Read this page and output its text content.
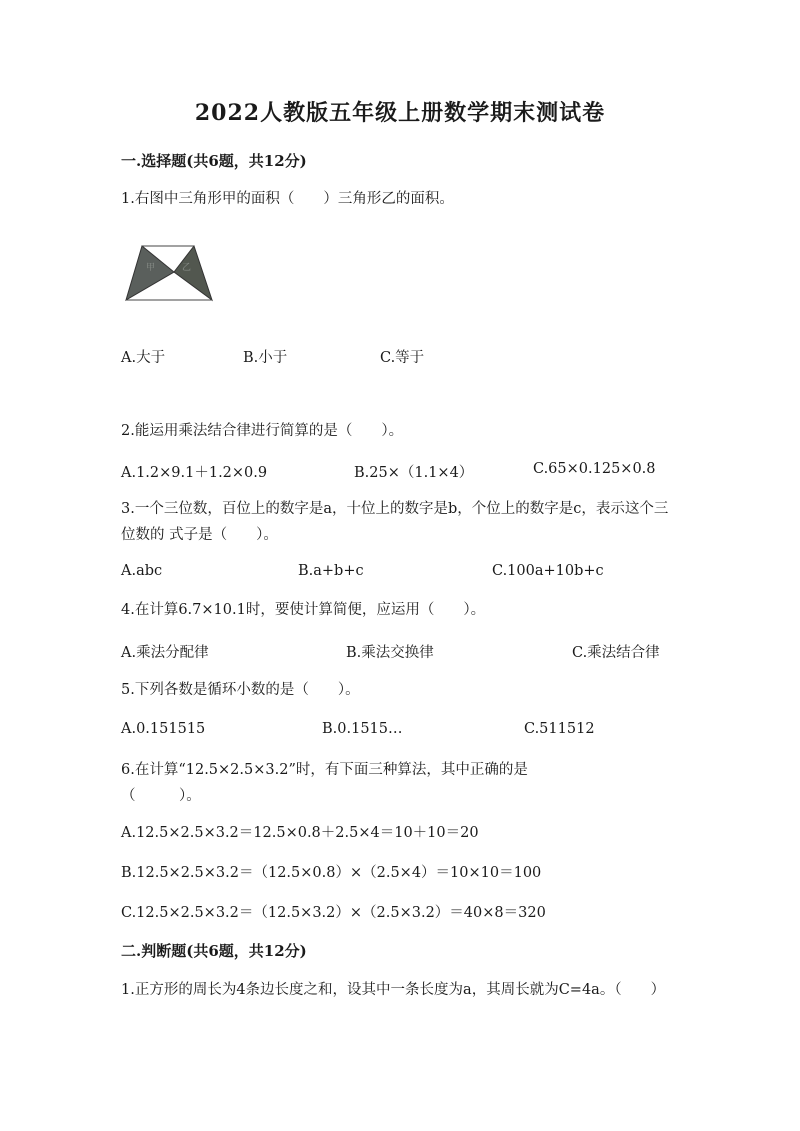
2022人教版五年级上册数学期末测试卷
一.选择题(共6题，共12分)
1.右图中三角形甲的面积（　　）三角形乙的面积。
甲	乙
A.大于	B.小于	C.等于
2.能运用乘法结合律进行简算的是（　　）。
A.1.2×9.1＋1.2×0.9	B.25×（1.1×4）	C.65×0.125×0.8
3.一个三位数，百位上的数字是a，十位上的数字是b，个位上的数字是c，表示这个三位数的 式子是（　　）。
A.abc	B.a+b+c	C.100a+10b+c
4.在计算6.7×10.1时，要使计算简便，应运用（　　）。
A.乘法分配律	B.乘法交换律	C.乘法结合律
5.下列各数是循环小数的是（　　）。
A.0.151515	B.0.1515…	C.511512
6.在计算“12.5×2.5×3.2”时，有下面三种算法，其中正确的是（　　　）。
A.12.5×2.5×3.2＝12.5×0.8＋2.5×4＝10＋10＝20
B.12.5×2.5×3.2＝（12.5×0.8）×（2.5×4）＝10×10＝100
C.12.5×2.5×3.2＝（12.5×3.2）×（2.5×3.2）＝40×8＝320
二.判断题(共6题，共12分)
1.正方形的周长为4条边长度之和，设其中一条长度为a，其周长就为C=4a。（　　）
